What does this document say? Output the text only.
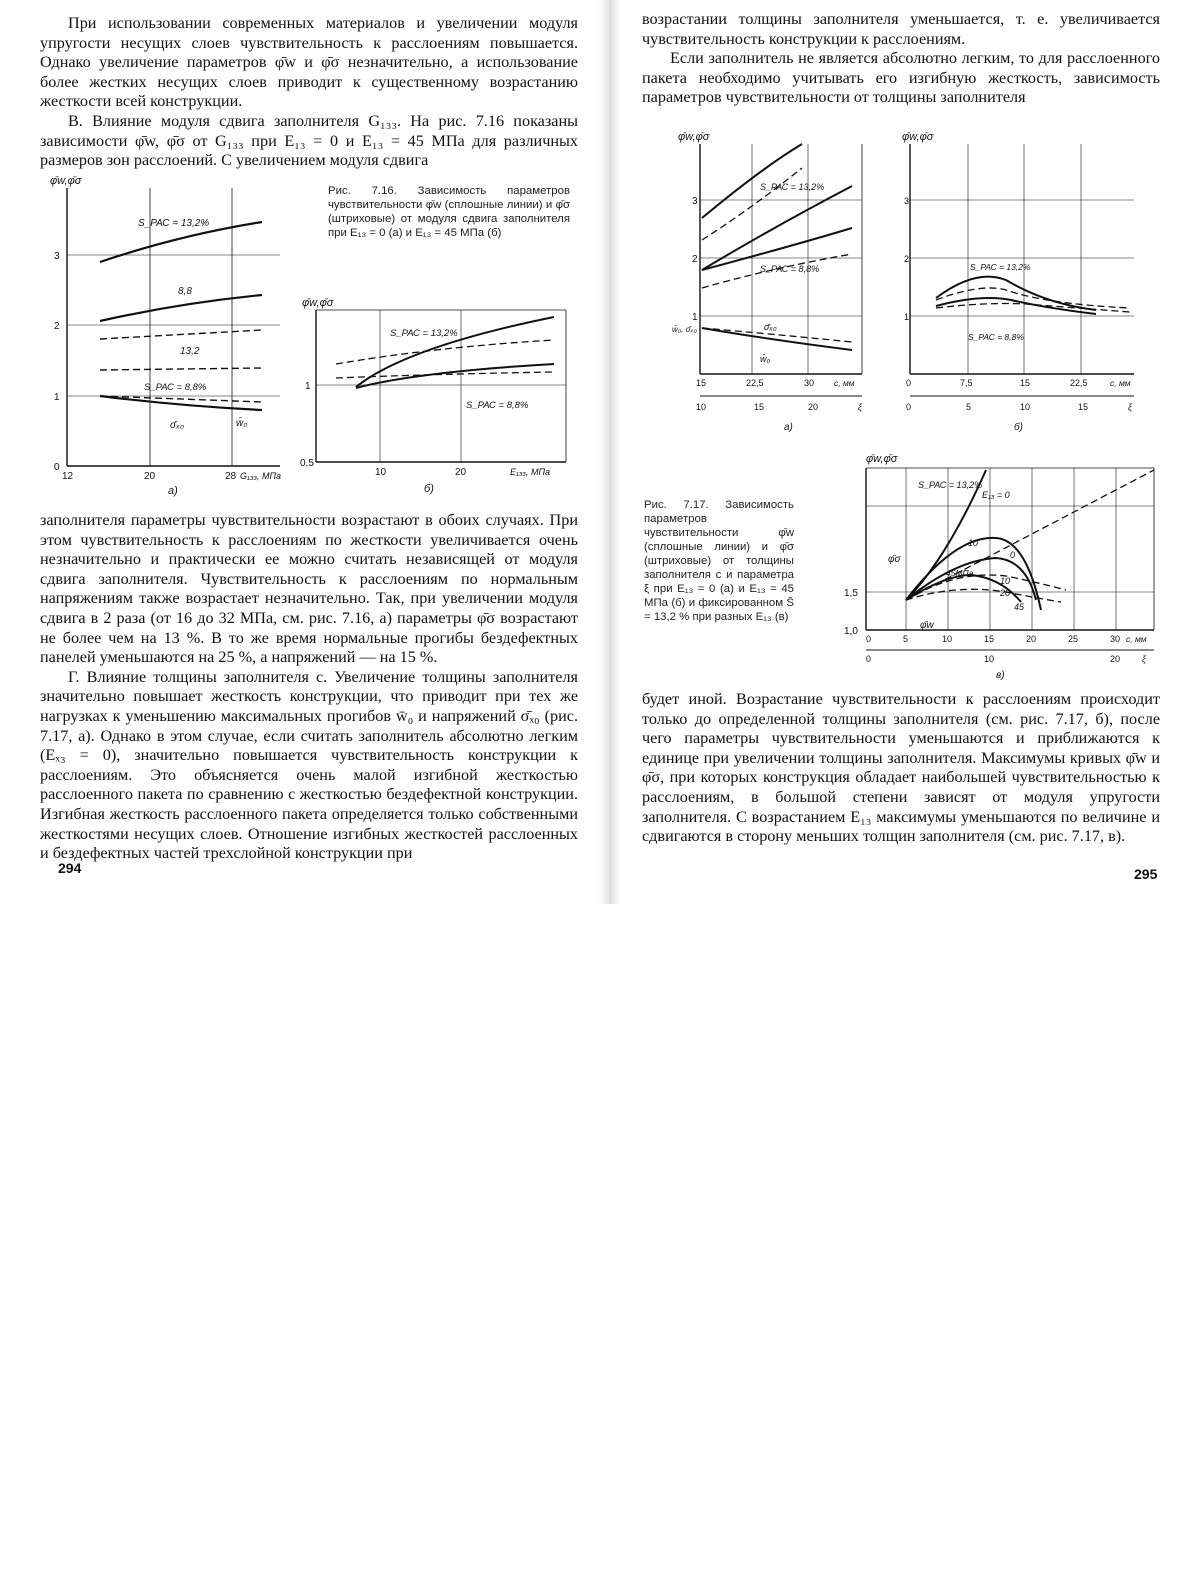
При использовании современных материалов и увеличении модуля упругости несущих слоев чувствительность к расслоениям повышается. Однако увеличение параметров φ̄w и φ̄σ незначительно, а использование более жестких несущих слоев приводит к существенному возрастанию жесткости всей конструкции.

В. Влияние модуля сдвига заполнителя G₁₃₃. На рис. 7.16 показаны зависимости φ̄w, φ̄σ от G₁₃₃ при E₁₃ = 0 и E₁₃ = 45 МПа для различных размеров зон расслоений. С увеличением модуля сдвига

φ̄w,φ̄σ
0
1
2
3
12	20	28 G₁₃₃, МПа
S_РАС = 13,2%
8,8
13,2
S_РАС = 8,8%
σ̄ₓ₀	w̄₀
а)
Рис. 7.16. Зависимость параметров чувствительности φ̄w (сплошные линии) и φ̄σ (штриховые) от модуля сдвига заполнителя при E₁₃ = 0 (а) и E₁₃ = 45 МПа (б)
φ̄w,φ̄σ
0,5
1
10	20	E₁₃₃, МПа
S_РАС = 13,2%
S_РАС = 8,8%
б)

заполнителя параметры чувствительности возрастают в обоих случаях. При этом чувствительность к расслоениям по жесткости увеличивается очень незначительно и практически ее можно считать независящей от модуля сдвига заполнителя. Чувствительность к расслоениям по нормальным напряжениям также возрастает незначительно. Так, при увеличении модуля сдвига в 2 раза (от 16 до 32 МПа, см. рис. 7.16, а) параметры φ̄σ возрастают не более чем на 13 %. В то же время нормальные прогибы бездефектных панелей уменьшаются на 25 %, а напряжений — на 15 %.

Г. Влияние толщины заполнителя c. Увеличение толщины заполнителя значительно повышает жесткость конструкции, что приводит при тех же нагрузках к уменьшению максимальных прогибов w̄₀ и напряжений σ̄ₓ₀ (рис. 7.17, а). Однако в этом случае, если считать заполнитель абсолютно легким (Eₓ₃ = 0), значительно повышается чувствительность конструкции к расслоениям. Это объясняется очень малой изгибной жесткостью расслоенного пакета по сравнению с жесткостью бездефектной конструкции. Изгибная жесткость расслоенного пакета определяется только собственными жесткостями несущих слоев. Отношение изгибных жесткостей расслоенных и бездефектных частей трехслойной конструкции при

294

возрастании толщины заполнителя уменьшается, т. е. увеличивается чувствительность конструкции к расслоениям.

Если заполнитель не является абсолютно легким, то для расслоенного пакета необходимо учитывать его изгибную жесткость, зависимость параметров чувствительности от толщины заполнителя

φ̄w,φ̄σ
1
2
3
w̄₀, σ̄ₓ₀
S_РАС = 13,2%
S_РАС = 8,8%
σ̄ₓ₀
w̄₀
15	22,5	30 c, мм
10	15	20	ξ
а)
φ̄w,φ̄σ
3
2
1
S_РАС = 13,2%
S_РАС = 8,8%
0	7,5	15	22,5	c, мм
0	5	10	15	ξ
б)
Рис. 7.17. Зависимость параметров чувствительности φ̄w (сплошные линии) и φ̄σ (штриховые) от толщины заполнителя c и параметра ξ при E₁₃ = 0 (а) и E₁₃ = 45 МПа (б) и фиксированном S̄ = 13,2 % при разных E₁₃ (в)
φ̄w,φ̄σ
1,0
1,5
S_РАС = 13,2%
E₁₃ = 0
10
0
45МПа
10
20
45
φ̄σ
φ̄w
0	5	10	15	20	25	30 c, мм
0	10	20 ξ
в)

будет иной. Возрастание чувствительности к расслоениям происходит только до определенной толщины заполнителя (см. рис. 7.17, б), после чего параметры чувствительности уменьшаются и приближаются к единице при увеличении толщины заполнителя. Максимумы кривых φ̄w и φ̄σ, при которых конструкция обладает наибольшей чувствительностью к расслоениям, в большой степени зависят от модуля упругости заполнителя. С возрастанием E₁₃ максимумы уменьшаются по величине и сдвигаются в сторону меньших толщин заполнителя (см. рис. 7.17, в).

295
